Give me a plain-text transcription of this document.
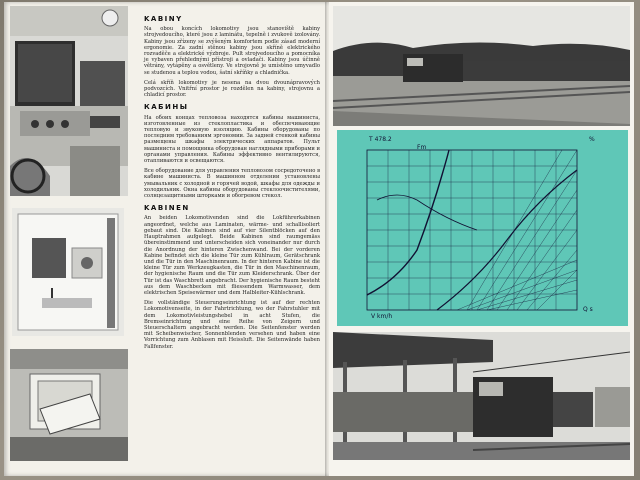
KABINY

Na obou koncích lokomotivy jsou stanoviště kabiny strojvedoucího, které jsou z laminátu, tepelně i zvukově izolovány. Kabiny jsou zřízeny se zvýšeným komfortem podle zásad moderní ergonomie. Za zadní stěnou kabiny jsou skříně elektrického rozvaděče a elektrické výzbroje. Pult strojvedoucího a pomocníka je vybaven přehlednými přístroji a ovladači. Kabiny jsou účinně větrány, vytápěny a osvětleny. Ve strojovně je umístěno umyvadlo se studenou a teplou vodou, šatní skříňky a chladnička.

Celá skříň lokomotivy je nesena na dvou dvounápravových podvozcích. Vnitřní prostor je rozdělen na kabiny, strojovnu a chladicí prostor.

КАБИНЫ

На обоих концах тепловоза находятся кабины машиниста, изготовленные из стеклопластика и обеспечивающие тепловую и звуковую изоляцию. Кабины оборудованы по последним требованиям эргономии. За задней стенкой кабины размещены шкафы электрических аппаратов. Пульт машиниста и помощника оборудован наглядными приборами и органами управления. Кабины эффективно вентилируются, отапливаются и освещаются.

Все оборудование для управления тепловозом сосредоточено в кабине машиниста. В машинном отделении установлены умывальник с холодной и горячей водой, шкафы для одежды и холодильник. Окна кабины оборудованы стеклоочистителями, солнцезащитными шторками и обогревом стекол.

KABINEN

An beiden Lokomotivenden sind die Lokführerkabinen angeordnet, welche aus Laminaten, wärme- und schallisoliert gebaut sind. Die Kabinen sind auf vier Silentblöcken auf den Hauptrahmen aufgelegt. Beide Kabinen sind raumgemäss übereinstimmend und unterscheiden sich voneinander nur durch die Anordnung der hinteren Zwischenwand. Bei der vorderen Kabine befindet sich die kleine Tür zum Kühlraum, Gerätschrank und die Tür in den Maschinenraum. In der hinteren Kabine ist die kleine Tür zum Werkzeugkasten, die Tür in den Maschinenraum, der hygienische Raum und die Tür zum Kleiderschrank. Über der Tür ist das Waschbrett angebracht. Der hygienische Raum besteht aus dem Waschbecken mit fliessendem Warmwasser, dem elektrischen Speisewärmer und dem Halbleiter-Kühlschrank.

Die vollständige Steuerungseinrichtung ist auf der rechten Lokomotivenseite, in der Fahrtrichtung, wo der Fahrstuhler mit dem Lokomotivleistungshebel in acht Stufen, die Bremseinrichtung und eine Reihe von Zeigern und Steuerschaltern angebracht werden. Die Seitenfenster werden mit Scheibenwischer, Sonnenblenden versehen und haben eine Vorrichtung zum Anblasen mit Heissluft. Die Seitenwände haben Fallfenster.

T 478.2
Fm
%
V km/h
Q s
